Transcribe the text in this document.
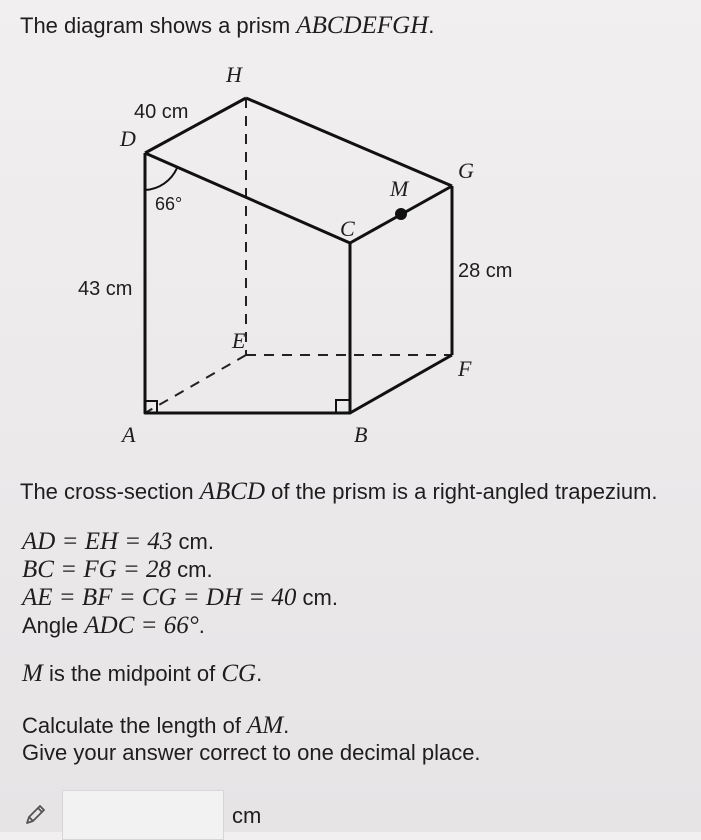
The diagram shows a prism ABCDEFGH.
D
H
G
M
C
E
F
A	B
40 cm
43 cm
28 cm
66°
The cross-section ABCD of the prism is a right-angled trapezium.
AD = EH = 43 cm.
BC = FG = 28 cm.
AE = BF = CG = DH = 40 cm.
Angle ADC = 66°.
M is the midpoint of CG.
Calculate the length of AM.
Give your answer correct to one decimal place.
cm
